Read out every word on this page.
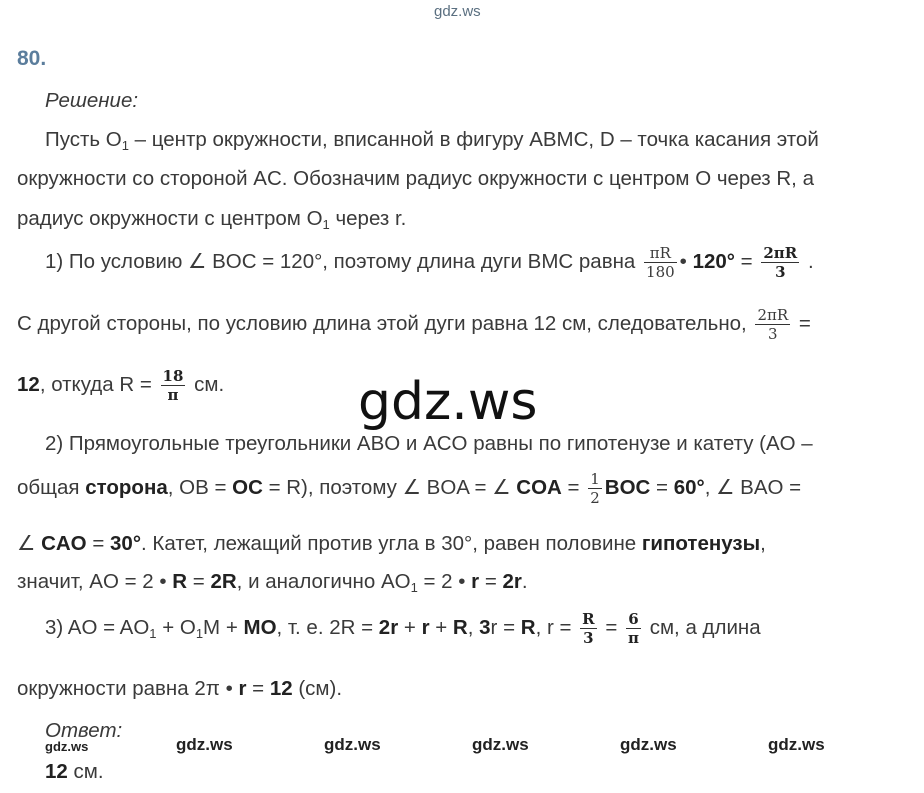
gdz.ws
80.
Решение:
Пусть $O_1$ – центр окружности, вписанной в фигуру ABMC, D – точка касания этой
окружности со стороной AC. Обозначим радиус окружности с центром O через R, а
радиус окружности с центром $O_1$ через r.
1) По условию ∠ BOC = 120°, поэтому длина дуги BMC равна $\frac{\pi R}{180}$ • $120^\circ = \frac{2\pi R}{3}$ .
С другой стороны, по условию длина этой дуги равна 12 см, следовательно, $\frac{2\pi R}{3}$ =
12, откуда $R = \frac{18}{\pi}$ см.	gdz.ws
2) Прямоугольные треугольники ABO и ACO равны по гипотенузе и катету (AO –
общая сторона, OB = OC = R), поэтому ∠ BOA = ∠ COA = $\frac{1}{2}$ BOC = 60°, ∠ BAO =
∠ CAO = 30°. Катет, лежащий против угла в 30°, равен половине гипотенузы,
значит, AO = 2 • R = 2R, и аналогично $AO_1 = 2$ • r = 2r.
3) AO = $AO_1 + O_1M$ + MO, т. е. 2R = 2r + r + R, 3r = R, $r = \frac{R}{3} = \frac{6}{\pi}$ см, а длина
окружности равна 2π • r = 12 (см).
Ответ:
gdz.ws	gdz.ws	gdz.ws	gdz.ws	gdz.ws	gdz.ws
12 см.
